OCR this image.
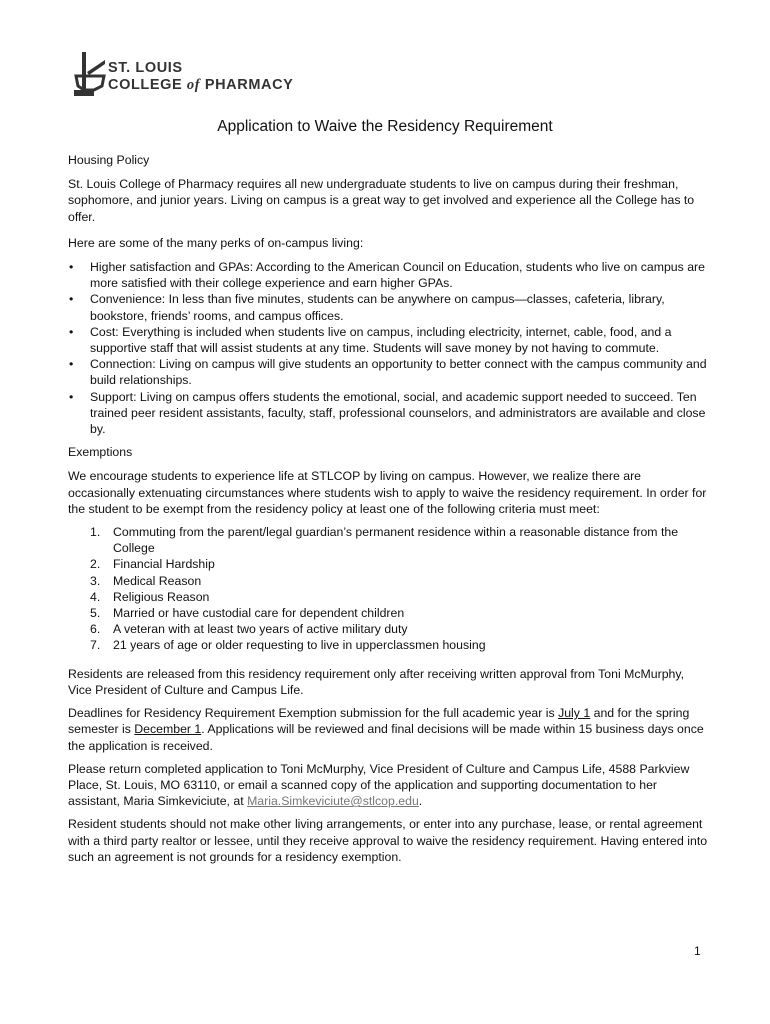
ST. LOUIS
COLLEGE of PHARMACY
Application to Waive the Residency Requirement

Housing Policy

St. Louis College of Pharmacy requires all new undergraduate students to live on campus during their freshman, sophomore, and junior years. Living on campus is a great way to get involved and experience all the College has to offer.

Here are some of the many perks of on-campus living:

• Higher satisfaction and GPAs: According to the American Council on Education, students who live on campus are more satisfied with their college experience and earn higher GPAs.
• Convenience: In less than five minutes, students can be anywhere on campus—classes, cafeteria, library, bookstore, friends’ rooms, and campus offices.
• Cost: Everything is included when students live on campus, including electricity, internet, cable, food, and a supportive staff that will assist students at any time. Students will save money by not having to commute.
• Connection: Living on campus will give students an opportunity to better connect with the campus community and build relationships.
• Support: Living on campus offers students the emotional, social, and academic support needed to succeed. Ten trained peer resident assistants, faculty, staff, professional counselors, and administrators are available and close by.

Exemptions

We encourage students to experience life at STLCOP by living on campus. However, we realize there are occasionally extenuating circumstances where students wish to apply to waive the residency requirement. In order for the student to be exempt from the residency policy at least one of the following criteria must meet:

1. Commuting from the parent/legal guardian’s permanent residence within a reasonable distance from the College
2. Financial Hardship
3. Medical Reason
4. Religious Reason
5. Married or have custodial care for dependent children
6. A veteran with at least two years of active military duty
7. 21 years of age or older requesting to live in upperclassmen housing

Residents are released from this residency requirement only after receiving written approval from Toni McMurphy, Vice President of Culture and Campus Life.

Deadlines for Residency Requirement Exemption submission for the full academic year is July 1 and for the spring semester is December 1. Applications will be reviewed and final decisions will be made within 15 business days once the application is received.

Please return completed application to Toni McMurphy, Vice President of Culture and Campus Life, 4588 Parkview Place, St. Louis, MO 63110, or email a scanned copy of the application and supporting documentation to her assistant, Maria Simkeviciute, at Maria.Simkeviciute@stlcop.edu.

Resident students should not make other living arrangements, or enter into any purchase, lease, or rental agreement with a third party realtor or lessee, until they receive approval to waive the residency requirement. Having entered into such an agreement is not grounds for a residency exemption.

1
